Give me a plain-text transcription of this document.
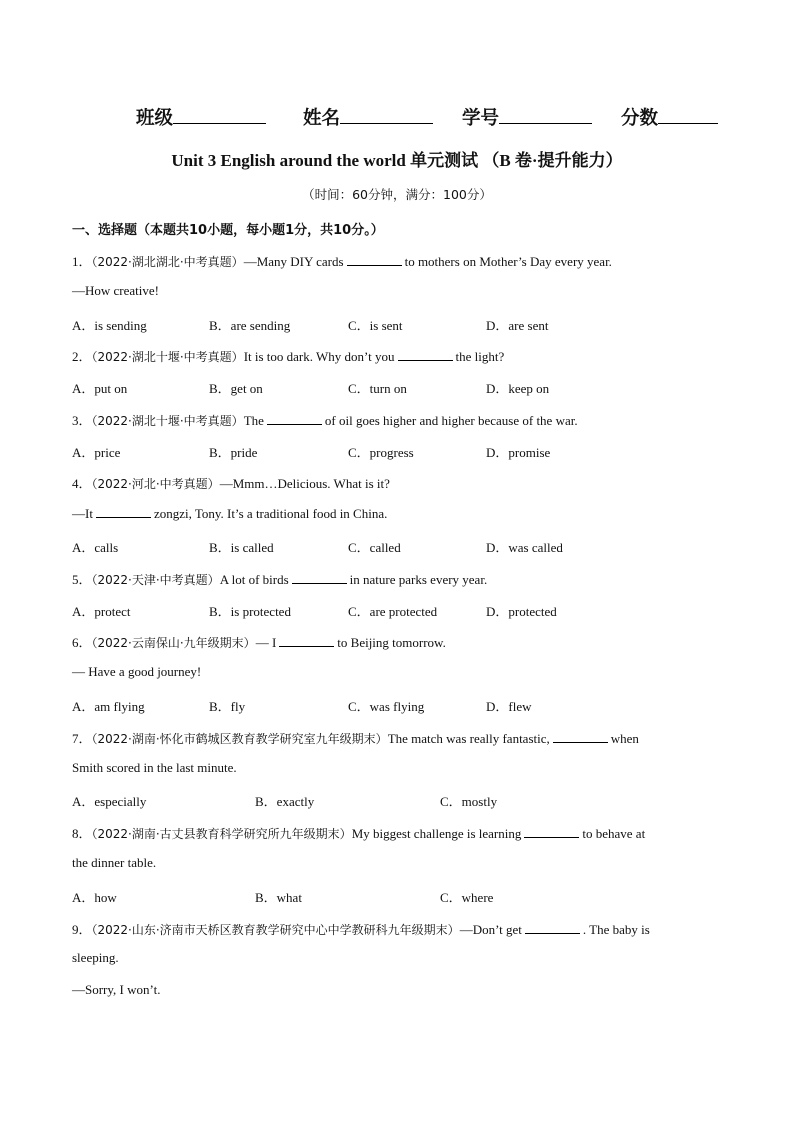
班级	姓名	学号	分数
Unit 3 English around the world 单元测试 （B 卷·提升能力）
（时间：60分钟，满分：100分）
一、选择题（本题共10小题，每小题1分，共10分。）
1．（2022·湖北湖北·中考真题）—Many DIY cards	to mothers on Mother’s Day every year.
—How creative!
A．is sending	B．are sending	C．is sent	D．are sent
2．（2022·湖北十堰·中考真题）It is too dark. Why don’t you	the light?
A．put on	B．get on	C．turn on	D．keep on
3．（2022·湖北十堰·中考真题）The	of oil goes higher and higher because of the war.
A．price	B．pride	C．progress	D．promise
4．（2022·河北·中考真题）—Mmm…Delicious. What is it?
—It	zongzi, Tony. It’s a traditional food in China.
A．calls	B．is called	C．called	D．was called
5．（2022·天津·中考真题）A lot of birds	in nature parks every year.
A．protect	B．is protected	C．are protected	D．protected
6．（2022·云南保山·九年级期末）— I	to Beijing tomorrow.
— Have a good journey!
A．am flying	B．fly	C．was flying	D．flew
7．（2022·湖南·怀化市鹤城区教育教学研究室九年级期末）The match was really fantastic,	when
Smith scored in the last minute.
A．especially	B．exactly	C．mostly
8．（2022·湖南·古丈县教育科学研究所九年级期末）My biggest challenge is learning	to behave at
the dinner table.
A．how	B．what	C．where
9．（2022·山东·济南市天桥区教育教学研究中心中学教研科九年级期末）—Don’t get	. The baby is
sleeping.
—Sorry, I won’t.
